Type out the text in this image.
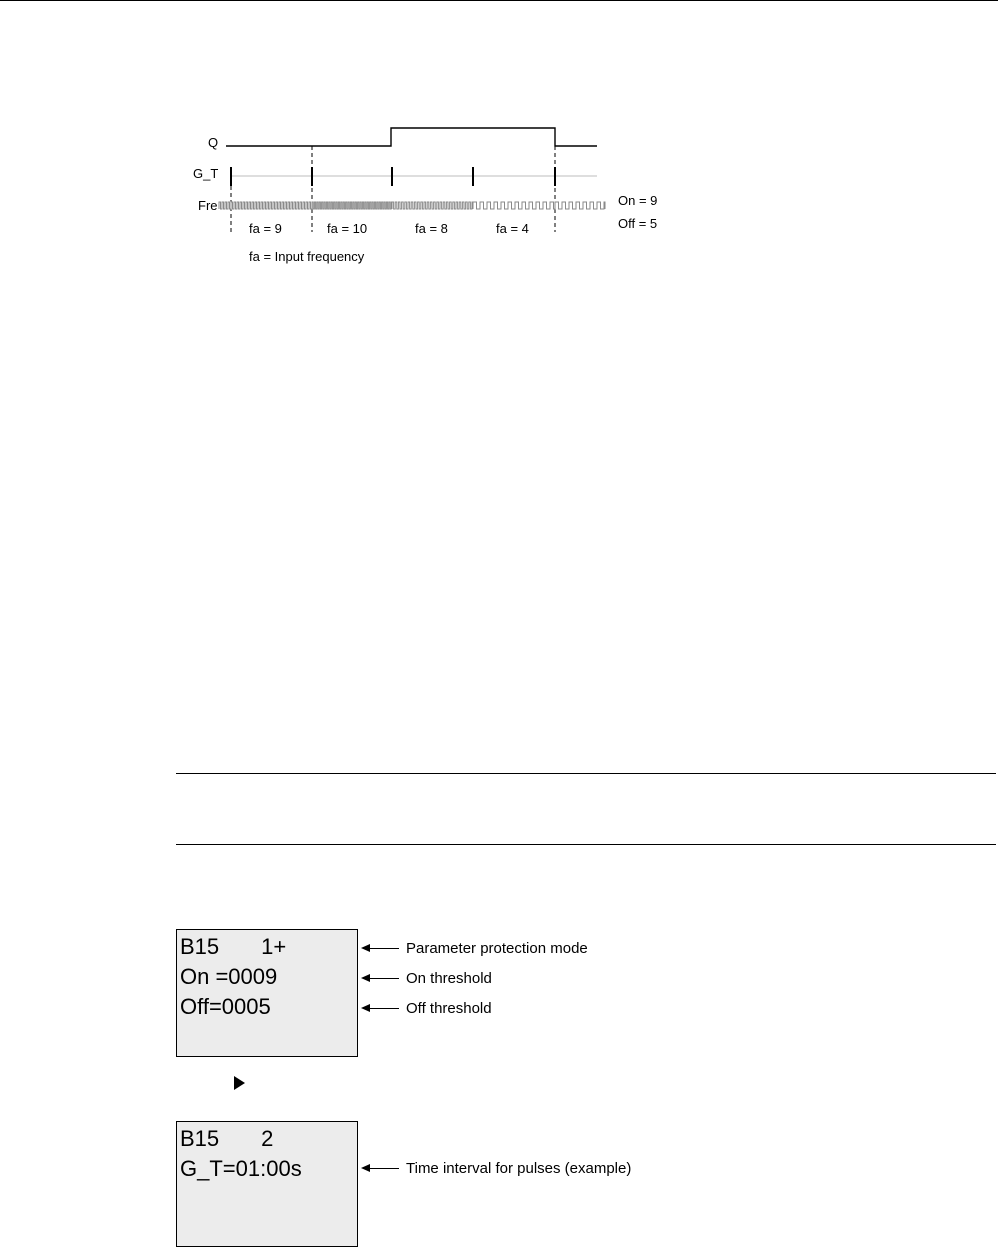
Q
G_T
Fre
fa = 9	fa = 10	fa = 8	fa = 4
On = 9
Off = 5
fa = Input frequency
B15 1+
On =0009
Off=0005
Parameter protection mode
On threshold
Off threshold
B15 2
G_T=01:00s	Time interval for pulses (example)
